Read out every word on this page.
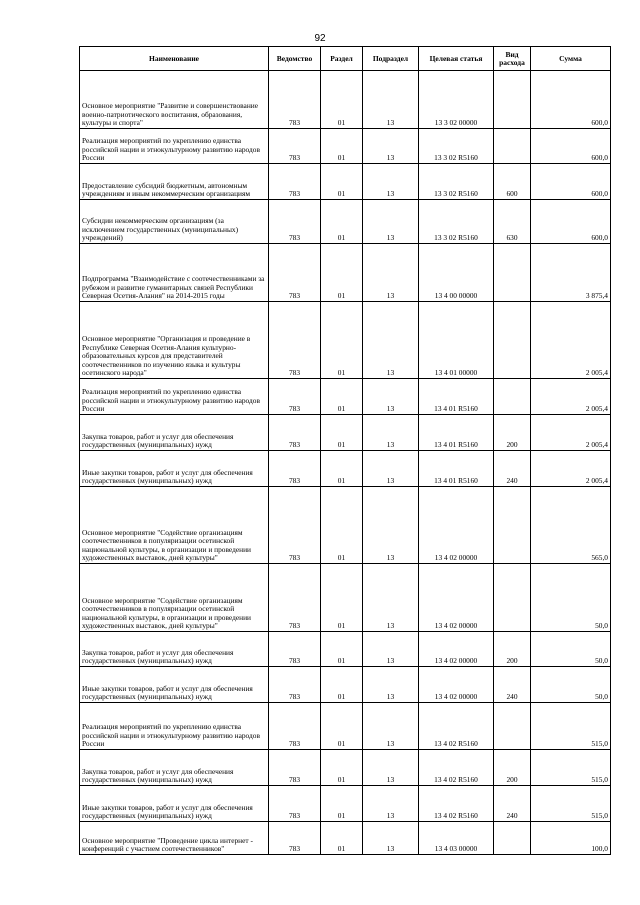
92
Наименование	Ведомство	Раздел	Подраздел	Целевая статья	Вид расхода	Сумма
Основное мероприятие "Развитие и совершенствование военно-патриотического воспитания, образования, культуры и спорта"	783	01	13	13 3 02 00000		600,0
Реализация мероприятий по укреплению единства российской нации и этнокультурному развитию народов России	783	01	13	13 3 02 R5160		600,0
Предоставление субсидий бюджетным, автономным учреждениям и иным некоммерческим организациям	783	01	13	13 3 02 R5160	600	600,0
Субсидии некоммерческим организациям (за исключением государственных (муниципальных) учреждений)	783	01	13	13 3 02 R5160	630	600,0
Подпрограмма "Взаимодействие с соотечественниками за рубежом и развитие гуманитарных связей Республики Северная Осетия-Алания" на 2014-2015 годы	783	01	13	13 4 00 00000		3 875,4
Основное мероприятие "Организация и проведение в Республике Северная Осетия-Алания культурно-образовательных курсов для представителей соотечественников по изучению языка и культуры осетинского народа"	783	01	13	13 4 01 00000		2 005,4
Реализация мероприятий по укреплению единства российской нации и этнокультурному развитию народов России	783	01	13	13 4 01 R5160		2 005,4
Закупка товаров, работ и услуг для обеспечения государственных (муниципальных) нужд	783	01	13	13 4 01 R5160	200	2 005,4
Иные закупки товаров, работ и услуг для обеспечения государственных (муниципальных) нужд	783	01	13	13 4 01 R5160	240	2 005,4
Основное мероприятие "Содействие организациям соотечественников в популяризации осетинской национальной культуры, в организации и проведении художественных выставок, дней культуры"	783	01	13	13 4 02 00000		565,0
Основное мероприятие "Содействие организациям соотечественников в популяризации осетинской национальной культуры, в организации и проведении художественных выставок, дней культуры"	783	01	13	13 4 02 00000		50,0
Закупка товаров, работ и услуг для обеспечения государственных (муниципальных) нужд	783	01	13	13 4 02 00000	200	50,0
Иные закупки товаров, работ и услуг для обеспечения государственных (муниципальных) нужд	783	01	13	13 4 02 00000	240	50,0
Реализация мероприятий по укреплению единства российской нации и этнокультурному развитию народов России	783	01	13	13 4 02 R5160		515,0
Закупка товаров, работ и услуг для обеспечения государственных (муниципальных) нужд	783	01	13	13 4 02 R5160	200	515,0
Иные закупки товаров, работ и услуг для обеспечения государственных (муниципальных) нужд	783	01	13	13 4 02 R5160	240	515,0
Основное мероприятие "Проведение цикла интернет - конференций с участием соотечественников"	783	01	13	13 4 03 00000		100,0
